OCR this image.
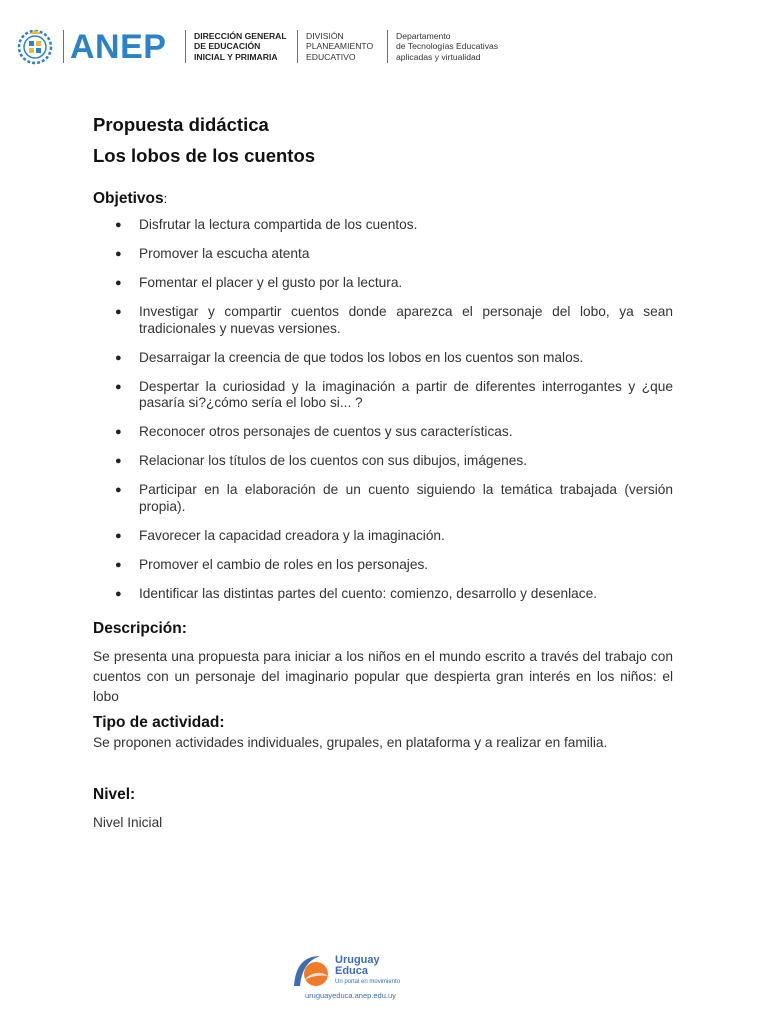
ANEP	DIRECCIÓN GENERAL
DE EDUCACIÓN
INICIAL Y PRIMARIA
DIVISIÓN
PLANEAMIENTO
EDUCATIVO
Departamento
de Tecnologías Educativas
aplicadas y virtualidad
Propuesta didáctica
Los lobos de los cuentos
Objetivos:
● Disfrutar la lectura compartida de los cuentos.
● Promover la escucha atenta
● Fomentar el placer y el gusto por la lectura.
● Investigar y compartir cuentos donde aparezca el personaje del lobo, ya sean tradicionales y nuevas versiones.
● Desarraigar la creencia de que todos los lobos en los cuentos son malos.
● Despertar la curiosidad y la imaginación a partir de diferentes interrogantes y ¿que pasaría si?¿cómo sería el lobo si... ?
● Reconocer otros personajes de cuentos y sus características.
● Relacionar los títulos de los cuentos con sus dibujos, imágenes.
● Participar en la elaboración de un cuento siguiendo la temática trabajada (versión propia).
● Favorecer la capacidad creadora y la imaginación.
● Promover el cambio de roles en los personajes.
● Identificar las distintas partes del cuento: comienzo, desarrollo y desenlace.
Descripción:

Se presenta una propuesta para iniciar a los niños en el mundo escrito a través del trabajo con cuentos con un personaje del imaginario popular que despierta gran interés en los niños: el lobo

Tipo de actividad:

Se proponen actividades individuales, grupales, en plataforma y a realizar en familia.

Nivel:

Nivel Inicial

Uruguay
Educa
Un portal en movimiento
uruguayeduca.anep.edu.uy
